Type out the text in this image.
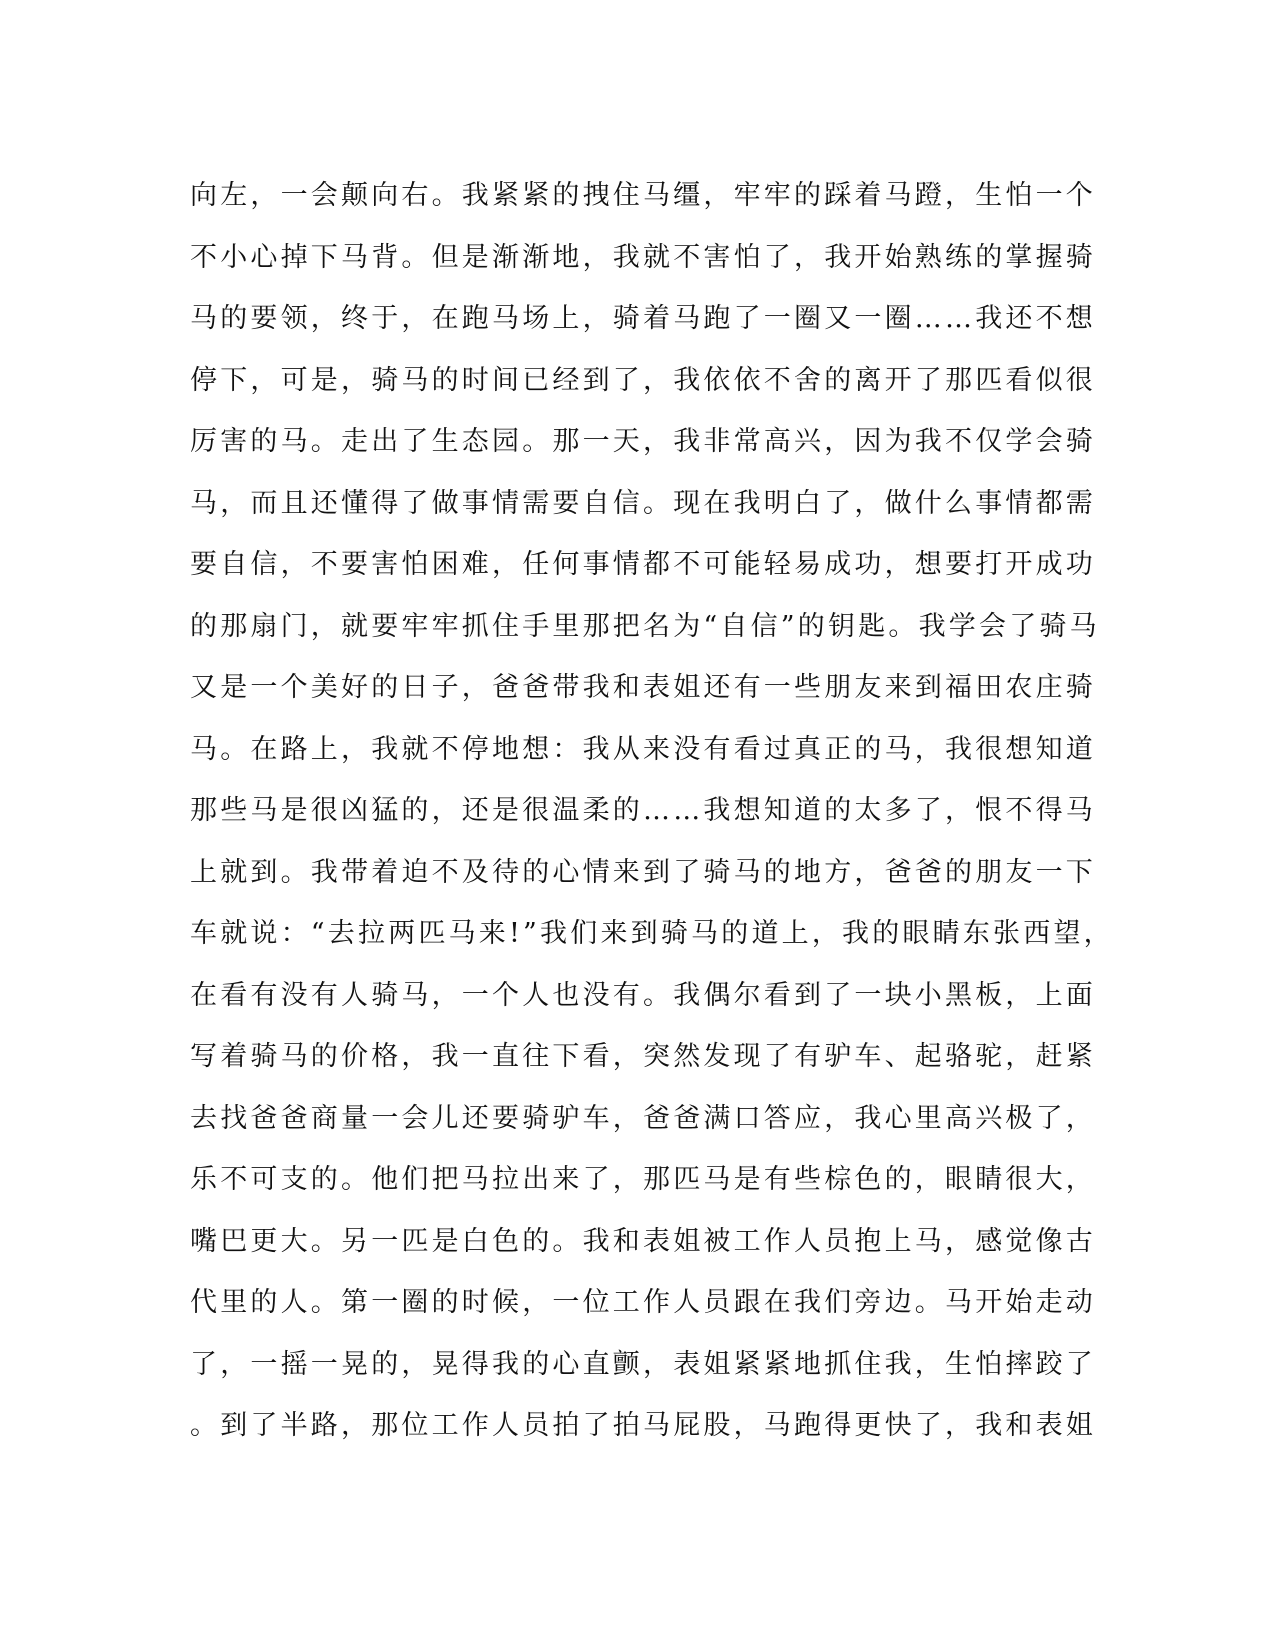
向左，一会颠向右。我紧紧的拽住马缰，牢牢的踩着马蹬，生怕一个
不小心掉下马背。但是渐渐地，我就不害怕了，我开始熟练的掌握骑
马的要领，终于，在跑马场上，骑着马跑了一圈又一圈……我还不想
停下，可是，骑马的时间已经到了，我依依不舍的离开了那匹看似很
厉害的马。走出了生态园。那一天，我非常高兴，因为我不仅学会骑
马，而且还懂得了做事情需要自信。现在我明白了，做什么事情都需
要自信，不要害怕困难，任何事情都不可能轻易成功，想要打开成功
的那扇门，就要牢牢抓住手里那把名为“自信”的钥匙。我学会了骑马
又是一个美好的日子，爸爸带我和表姐还有一些朋友来到福田农庄骑
马。在路上，我就不停地想：我从来没有看过真正的马，我很想知道
那些马是很凶猛的，还是很温柔的……我想知道的太多了，恨不得马
上就到。我带着迫不及待的心情来到了骑马的地方，爸爸的朋友一下
车就说：“去拉两匹马来!”我们来到骑马的道上，我的眼睛东张西望，
在看有没有人骑马，一个人也没有。我偶尔看到了一块小黑板，上面
写着骑马的价格，我一直往下看，突然发现了有驴车、起骆驼，赶紧
去找爸爸商量一会儿还要骑驴车，爸爸满口答应，我心里高兴极了，
乐不可支的。他们把马拉出来了，那匹马是有些棕色的，眼睛很大，
嘴巴更大。另一匹是白色的。我和表姐被工作人员抱上马，感觉像古
代里的人。第一圈的时候，一位工作人员跟在我们旁边。马开始走动
了，一摇一晃的，晃得我的心直颤，表姐紧紧地抓住我，生怕摔跤了
。到了半路，那位工作人员拍了拍马屁股，马跑得更快了，我和表姐
